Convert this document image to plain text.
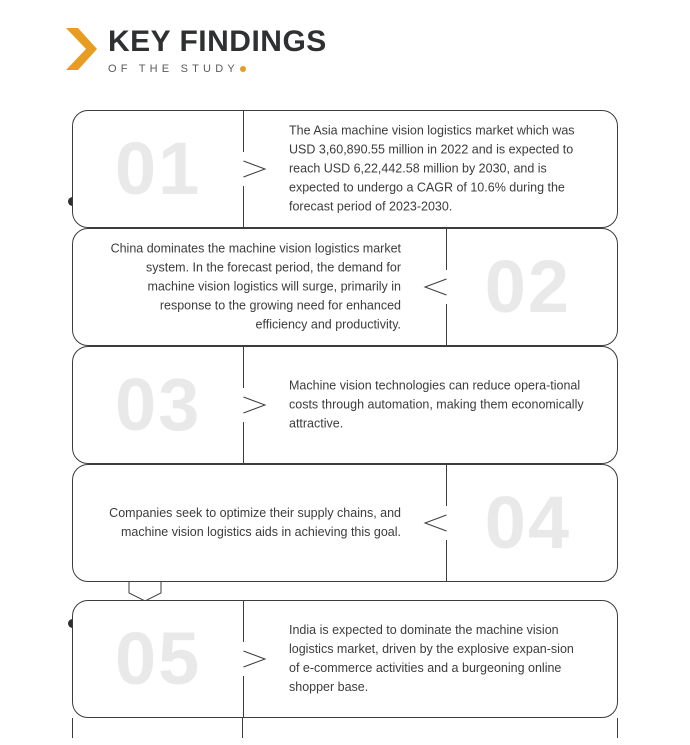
KEY FINDINGS
OF THE STUDY
01	The Asia machine vision logistics market which was USD 3,60,890.55 million in 2022 and is expected to reach USD 6,22,442.58 million by 2030, and is expected to undergo a CAGR of 10.6% during the forecast period of 2023-2030.
02
China dominates the machine vision logistics market system. In the forecast period, the demand for machine vision logistics will surge, primarily in response to the growing need for enhanced efficiency and productivity.
03	Machine vision technologies can reduce opera-tional costs through automation, making them economically attractive.
04
Companies seek to optimize their supply chains, and machine vision logistics aids in achieving this goal.
05	India is expected to dominate the machine vision logistics market, driven by the explosive expan-sion of e-commerce activities and a burgeoning online shopper base.
